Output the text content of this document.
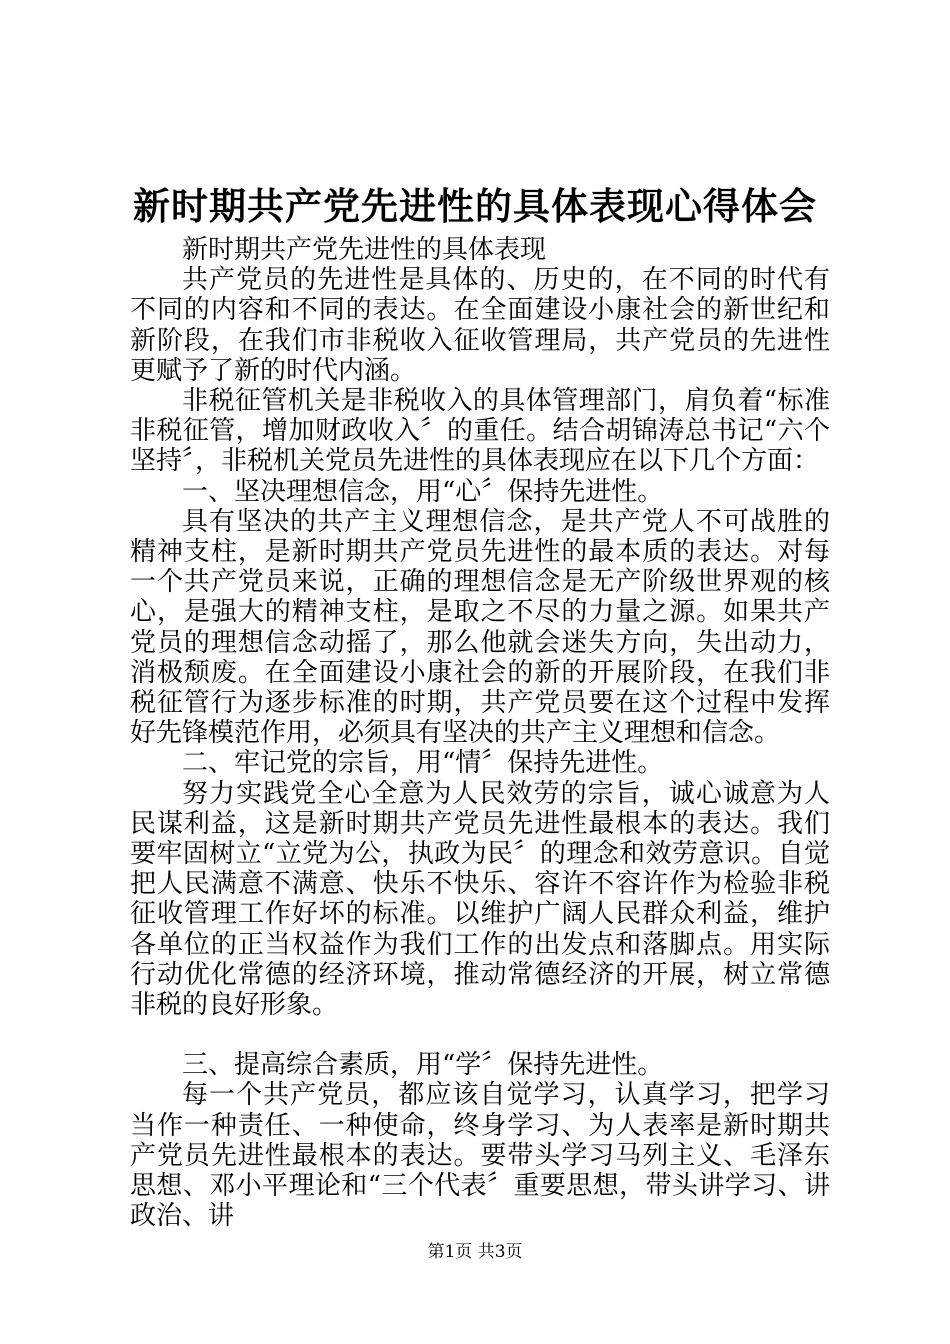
新时期共产党先进性的具体表现心得体会

新时期共产党先进性的具体表现

共产党员的先进性是具体的、历史的，在不同的时代有不同的内容和不同的表达。在全面建设小康社会的新世纪和新阶段，在我们市非税收入征收管理局，共产党员的先进性更赋予了新的时代内涵。

非税征管机关是非税收入的具体管理部门，肩负着“标准非税征管，增加财政收入〞的重任。结合胡锦涛总书记“六个坚持〞，非税机关党员先进性的具体表现应在以下几个方面：

一、坚决理想信念，用“心〞保持先进性。

具有坚决的共产主义理想信念，是共产党人不可战胜的精神支柱，是新时期共产党员先进性的最本质的表达。对每一个共产党员来说，正确的理想信念是无产阶级世界观的核心，是强大的精神支柱，是取之不尽的力量之源。如果共产党员的理想信念动摇了，那么他就会迷失方向，失出动力，消极颓废。在全面建设小康社会的新的开展阶段，在我们非税征管行为逐步标准的时期，共产党员要在这个过程中发挥好先锋模范作用，必须具有坚决的共产主义理想和信念。

二、牢记党的宗旨，用“情〞保持先进性。

努力实践党全心全意为人民效劳的宗旨，诚心诚意为人民谋利益，这是新时期共产党员先进性最根本的表达。我们要牢固树立“立党为公，执政为民〞的理念和效劳意识。自觉把人民满意不满意、快乐不快乐、容许不容许作为检验非税征收管理工作好坏的标准。以维护广阔人民群众利益，维护各单位的正当权益作为我们工作的出发点和落脚点。用实际行动优化常德的经济环境，推动常德经济的开展，树立常德非税的良好形象。

三、提高综合素质，用“学〞保持先进性。

每一个共产党员，都应该自觉学习，认真学习，把学习当作一种责任、一种使命，终身学习、为人表率是新时期共产党员先进性最根本的表达。要带头学习马列主义、毛泽东思想、邓小平理论和“三个代表〞重要思想，带头讲学习、讲政治、讲

第1页 共3页
